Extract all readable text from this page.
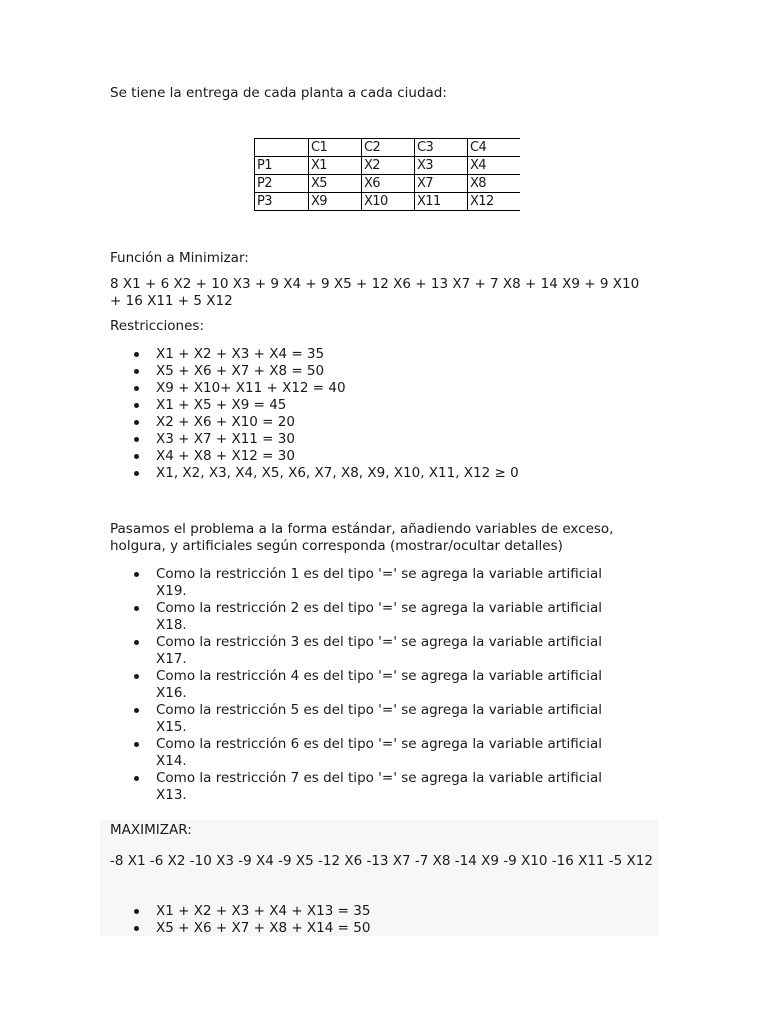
Se tiene la entrega de cada planta a cada ciudad:

	C1	C2	C3	C4
P1	X1	X2	X3	X4
P2	X5	X6	X7	X8
P3	X9	X10	X11	X12

Función a Minimizar:

8 X1 + 6 X2 + 10 X3 + 9 X4 + 9 X5 + 12 X6 + 13 X7 + 7 X8 + 14 X9 + 9 X10 + 16 X11 + 5 X12

Restricciones:

X1 + X2 + X3 + X4 = 35
X5 + X6 + X7 + X8 = 50
X9 + X10+ X11 + X12 = 40
X1 + X5 + X9 = 45
X2 + X6 + X10 = 20
X3 + X7 + X11 = 30
X4 + X8 + X12 = 30
X1, X2, X3, X4, X5, X6, X7, X8, X9, X10, X11, X12 ≥ 0

Pasamos el problema a la forma estándar, añadiendo variables de exceso, holgura, y artificiales según corresponda (mostrar/ocultar detalles)

Como la restricción 1 es del tipo '=' se agrega la variable artificial X19.
Como la restricción 2 es del tipo '=' se agrega la variable artificial X18.
Como la restricción 3 es del tipo '=' se agrega la variable artificial X17.
Como la restricción 4 es del tipo '=' se agrega la variable artificial X16.
Como la restricción 5 es del tipo '=' se agrega la variable artificial X15.
Como la restricción 6 es del tipo '=' se agrega la variable artificial X14.
Como la restricción 7 es del tipo '=' se agrega la variable artificial X13.

MAXIMIZAR:

-8 X1 -6 X2 -10 X3 -9 X4 -9 X5 -12 X6 -13 X7 -7 X8 -14 X9 -9 X10 -16 X11 -5 X12

X1 + X2 + X3 + X4 + X13 = 35
X5 + X6 + X7 + X8 + X14 = 50
